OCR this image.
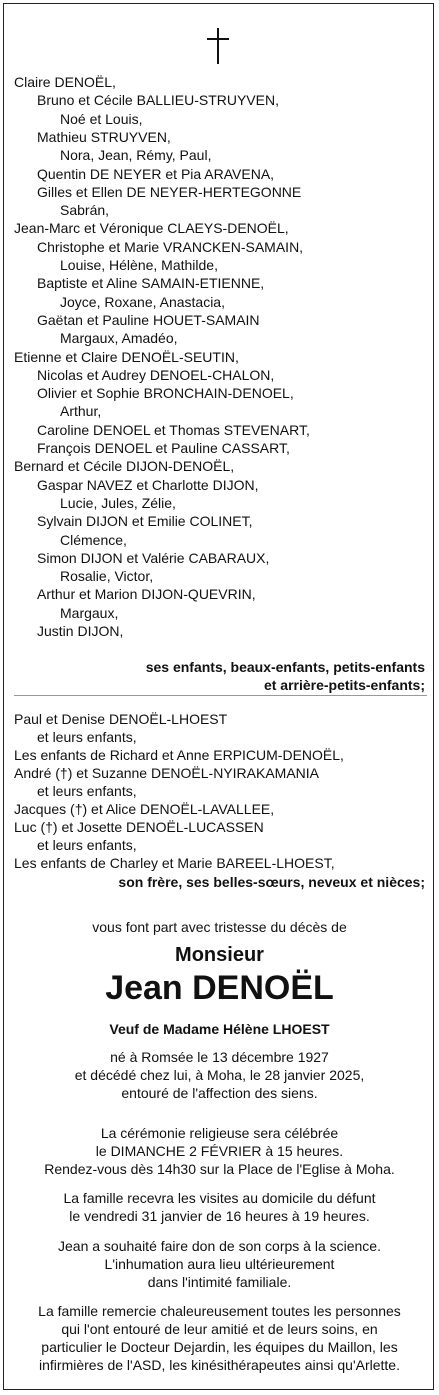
Claire DENOËL,
Bruno et Cécile BALLIEU-STRUYVEN,
Noé et Louis,
Mathieu STRUYVEN,
Nora, Jean, Rémy, Paul,
Quentin DE NEYER et Pia ARAVENA,
Gilles et Ellen DE NEYER-HERTEGONNE
Sabrán,
Jean-Marc et Véronique CLAEYS-DENOËL,
Christophe et Marie VRANCKEN-SAMAIN,
Louise, Hélène, Mathilde,
Baptiste et Aline SAMAIN-ETIENNE,
Joyce, Roxane, Anastacia,
Gaëtan et Pauline HOUET-SAMAIN
Margaux, Amadéo,
Etienne et Claire DENOËL-SEUTIN,
Nicolas et Audrey DENOEL-CHALON,
Olivier et Sophie BRONCHAIN-DENOEL,
Arthur,
Caroline DENOEL et Thomas STEVENART,
François DENOEL et Pauline CASSART,
Bernard et Cécile DIJON-DENOËL,
Gaspar NAVEZ et Charlotte DIJON,
Lucie, Jules, Zélie,
Sylvain DIJON et Emilie COLINET,
Clémence,
Simon DIJON et Valérie CABARAUX,
Rosalie, Victor,
Arthur et Marion DIJON-QUEVRIN,
Margaux,
Justin DIJON,
ses enfants, beaux-enfants, petits-enfants
et arrière-petits-enfants;
Paul et Denise DENOËL-LHOEST
et leurs enfants,
Les enfants de Richard et Anne ERPICUM-DENOËL,
André (†) et Suzanne DENOËL-NYIRAKAMANIA
et leurs enfants,
Jacques (†) et Alice DENOËL-LAVALLEE,
Luc (†) et Josette DENOËL-LUCASSEN
et leurs enfants,
Les enfants de Charley et Marie BAREEL-LHOEST,
son frère, ses belles-sœurs, neveux et nièces;
vous font part avec tristesse du décès de
Monsieur
Jean DENOËL
Veuf de Madame Hélène LHOEST
né à Romsée le 13 décembre 1927
et décédé chez lui, à Moha, le 28 janvier 2025,
entouré de l'affection des siens.
La cérémonie religieuse sera célébrée
le DIMANCHE 2 FÉVRIER à 15 heures.
Rendez-vous dès 14h30 sur la Place de l'Eglise à Moha.
La famille recevra les visites au domicile du défunt
le vendredi 31 janvier de 16 heures à 19 heures.
Jean a souhaité faire don de son corps à la science.
L'inhumation aura lieu ultérieurement
dans l'intimité familiale.
La famille remercie chaleureusement toutes les personnes
qui l'ont entouré de leur amitié et de leurs soins, en
particulier le Docteur Dejardin, les équipes du Maillon, les
infirmières de l'ASD, les kinésithérapeutes ainsi qu'Arlette.
